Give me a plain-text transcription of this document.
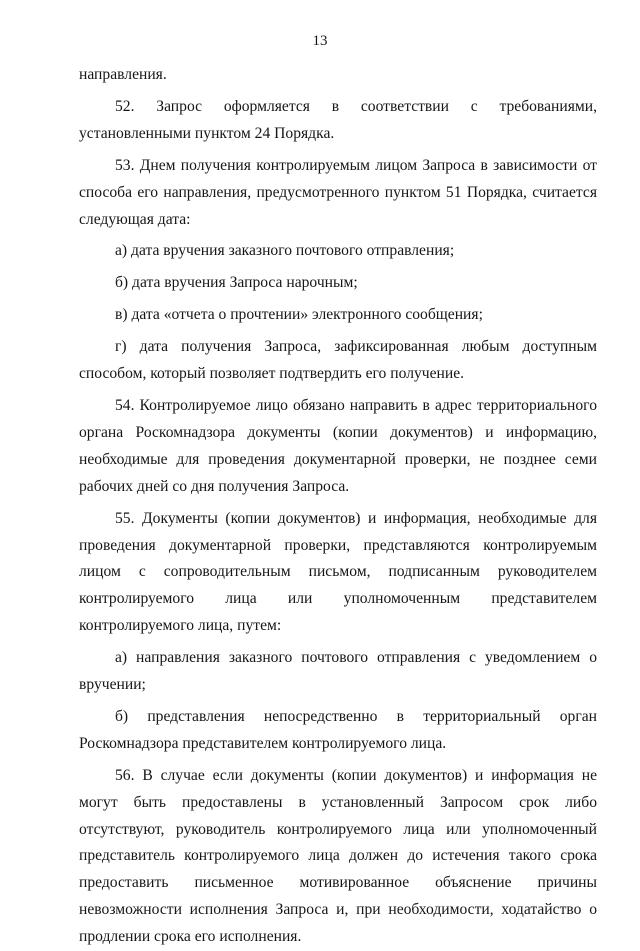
13

направления.

52. Запрос оформляется в соответствии с требованиями, установленными пунктом 24 Порядка.

53. Днем получения контролируемым лицом Запроса в зависимости от способа его направления, предусмотренного пунктом 51 Порядка, считается следующая дата:

а) дата вручения заказного почтового отправления;

б) дата вручения Запроса нарочным;

в) дата «отчета о прочтении» электронного сообщения;

г) дата получения Запроса, зафиксированная любым доступным способом, который позволяет подтвердить его получение.

54. Контролируемое лицо обязано направить в адрес территориального органа Роскомнадзора документы (копии документов) и информацию, необходимые для проведения документарной проверки, не позднее семи рабочих дней со дня получения Запроса.

55. Документы (копии документов) и информация, необходимые для проведения документарной проверки, представляются контролируемым лицом с сопроводительным письмом, подписанным руководителем контролируемого лица или уполномоченным представителем контролируемого лица, путем:

а) направления заказного почтового отправления с уведомлением о вручении;

б) представления непосредственно в территориальный орган Роскомнадзора представителем контролируемого лица.

56. В случае если документы (копии документов) и информация не могут быть предоставлены в установленный Запросом срок либо отсутствуют, руководитель контролируемого лица или уполномоченный представитель контролируемого лица должен до истечения такого срока предоставить письменное мотивированное объяснение причины невозможности исполнения Запроса и, при необходимости, ходатайство о продлении срока его исполнения.
